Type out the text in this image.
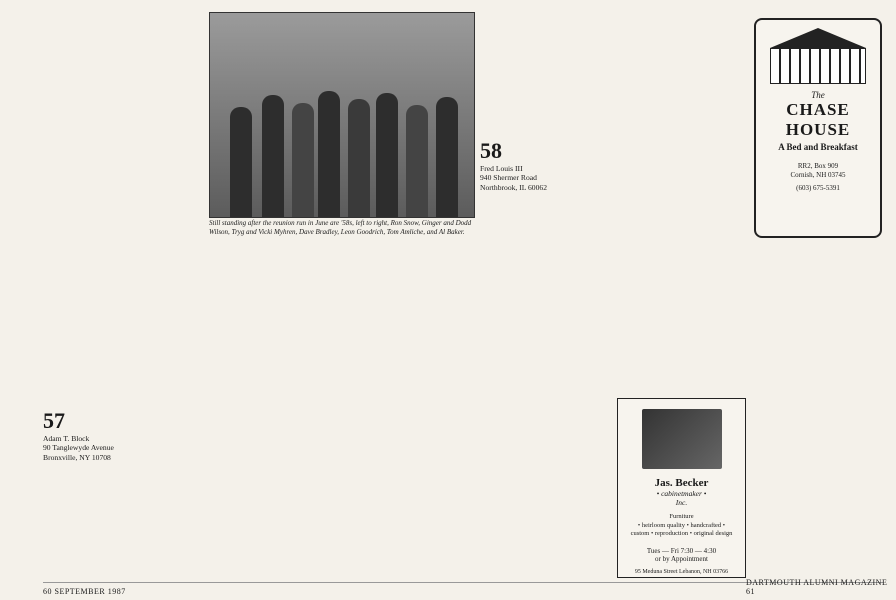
57
Adam T. Block
90 Tanglewyde Avenue
Bronxville, NY 10708
Still standing after the reunion run in June are '58s, left to right, Ron Snow, Ginger and Dodd Wilson, Tryg and Vicki Myhren, Dave Bradley, Leon Goodrich, Tom Amliche, and Al Baker.
58
Fred Louis III
940 Shermer Road
Northbrook, IL 60062
The
CHASE HOUSE
A Bed and Breakfast
RR2, Box 909
Cornish, NH 03745
(603) 675-5391
Jas. Becker
• cabinetmaker •
Inc.
Furniture
• heirloom quality • handcrafted •
custom • reproduction • original design
Tues — Fri 7:30 — 4:30
or by Appointment
95 Meduna Street Lebanon, NH 03766
60 SEPTEMBER 1987
DARTMOUTH ALUMNI MAGAZINE 61
